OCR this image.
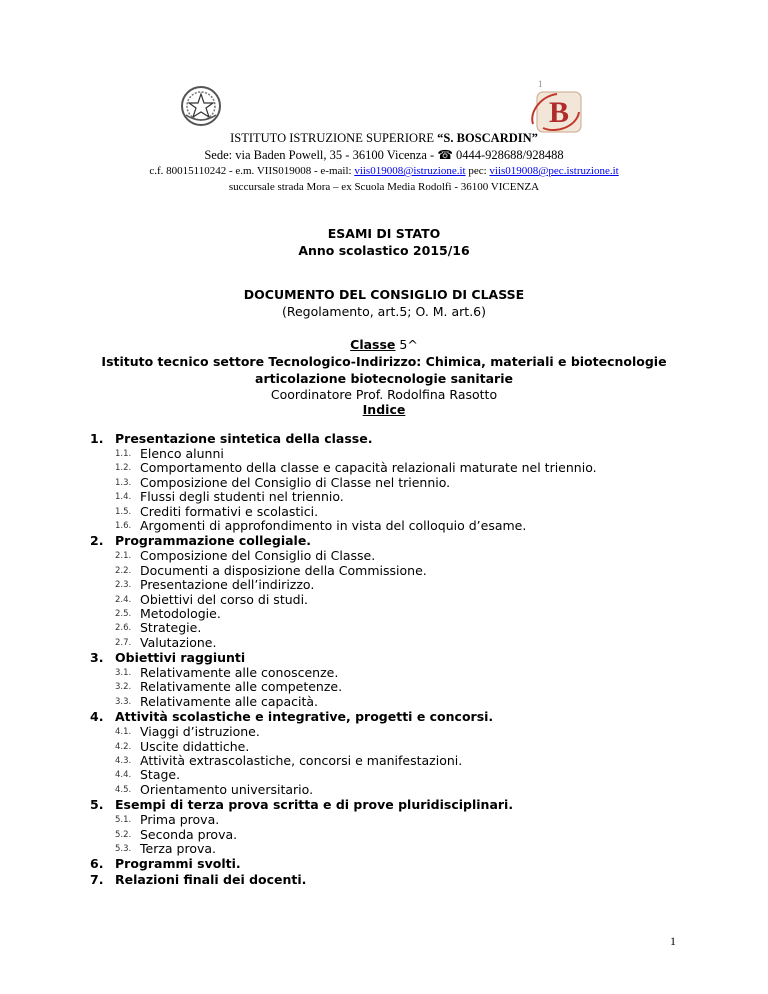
1
B
ISTITUTO ISTRUZIONE SUPERIORE “S. BOSCARDIN”
Sede: via Baden Powell, 35 - 36100 Vicenza - ☎ 0444-928688/928488
c.f. 80015110242 - e.m. VIIS019008 - e-mail: viis019008@istruzione.it pec: viis019008@pec.istruzione.it
succursale strada Mora – ex Scuola Media Rodolfi - 36100 VICENZA
ESAMI DI STATO
Anno scolastico 2015/16
DOCUMENTO DEL CONSIGLIO DI CLASSE
(Regolamento, art.5; O. M. art.6)
Classe 5^
Istituto tecnico settore Tecnologico-Indirizzo: Chimica, materiali e biotecnologie
articolazione biotecnologie sanitarie
Coordinatore Prof. Rodolfina Rasotto
Indice
1. Presentazione sintetica della classe.
1.1. Elenco alunni
1.2. Comportamento della classe e capacità relazionali maturate nel triennio.
1.3. Composizione del Consiglio di Classe nel triennio.
1.4. Flussi degli studenti nel triennio.
1.5. Crediti formativi e scolastici.
1.6. Argomenti di approfondimento in vista del colloquio d’esame.
2. Programmazione collegiale.
2.1. Composizione del Consiglio di Classe.
2.2. Documenti a disposizione della Commissione.
2.3. Presentazione dell’indirizzo.
2.4. Obiettivi del corso di studi.
2.5. Metodologie.
2.6. Strategie.
2.7. Valutazione.
3. Obiettivi raggiunti
3.1. Relativamente alle conoscenze.
3.2. Relativamente alle competenze.
3.3. Relativamente alle capacità.
4. Attività scolastiche e integrative, progetti e concorsi.
4.1. Viaggi d’istruzione.
4.2. Uscite didattiche.
4.3. Attività extrascolastiche, concorsi e manifestazioni.
4.4. Stage.
4.5. Orientamento universitario.
5. Esempi di terza prova scritta e di prove pluridisciplinari.
5.1. Prima prova.
5.2. Seconda prova.
5.3. Terza prova.
6. Programmi svolti.
7. Relazioni finali dei docenti.
1
